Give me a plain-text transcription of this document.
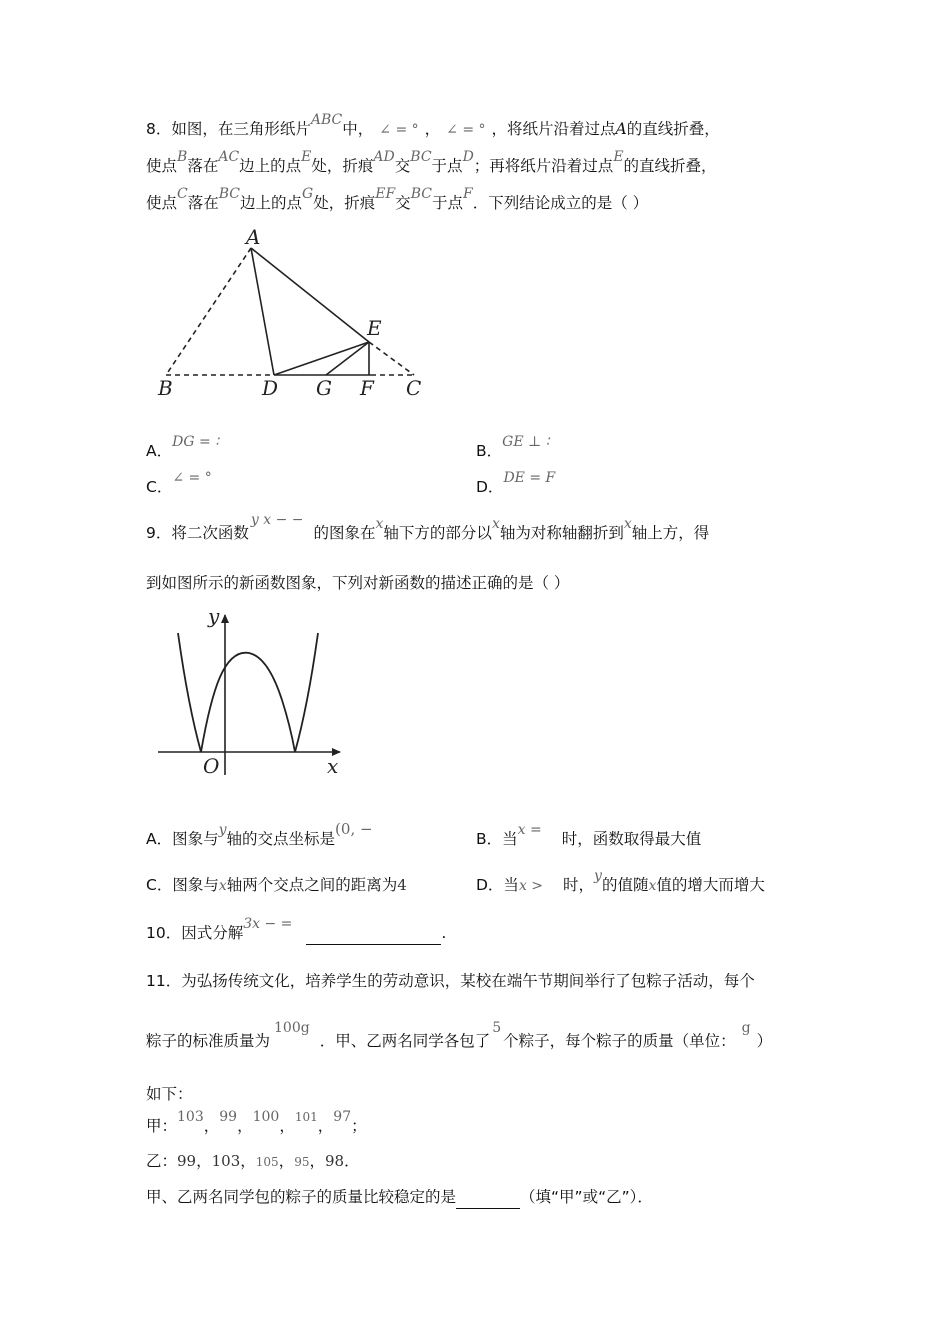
8．如图，在三角形纸片ABC中， ∠ = ° ， ∠ = ° ，将纸片沿着过点A的直线折叠，
使点B落在AC边上的点E处，折痕AD交BC于点D；再将纸片沿着过点E的直线折叠，
使点C落在BC边上的点G处，折痕EF交BC于点F．下列结论成立的是（ ）
A
B	D G F C
E
A．DG = ∶	B．GE ⊥ ∶
C．∠ = °	D．DE = F
9．将二次函数y x − −的图象在x轴下方的部分以x轴为对称轴翻折到x轴上方，得
到如图所示的新函数图象，下列对新函数的描述正确的是（ ）
y
x
O
A．图象与y轴的交点坐标是(0, −
B．当x = 时，函数取得最大值
C．图象与x轴两个交点之间的距离为4	D．当x > 时，y的值随x值的增大而增大
10．因式分解3x − =	.
11．为弘扬传统文化，培养学生的劳动意识，某校在端午节期间举行了包粽子活动，每个
粽子的标准质量为100g．甲、乙两名同学各包了5个粽子，每个粽子的质量（单位：g）
如下：
甲：103，99，100，$^{101}$，97；
乙：99，103，105，95，98．
甲、乙两名同学包的粽子的质量比较稳定的是	（填“甲”或“乙”）．
